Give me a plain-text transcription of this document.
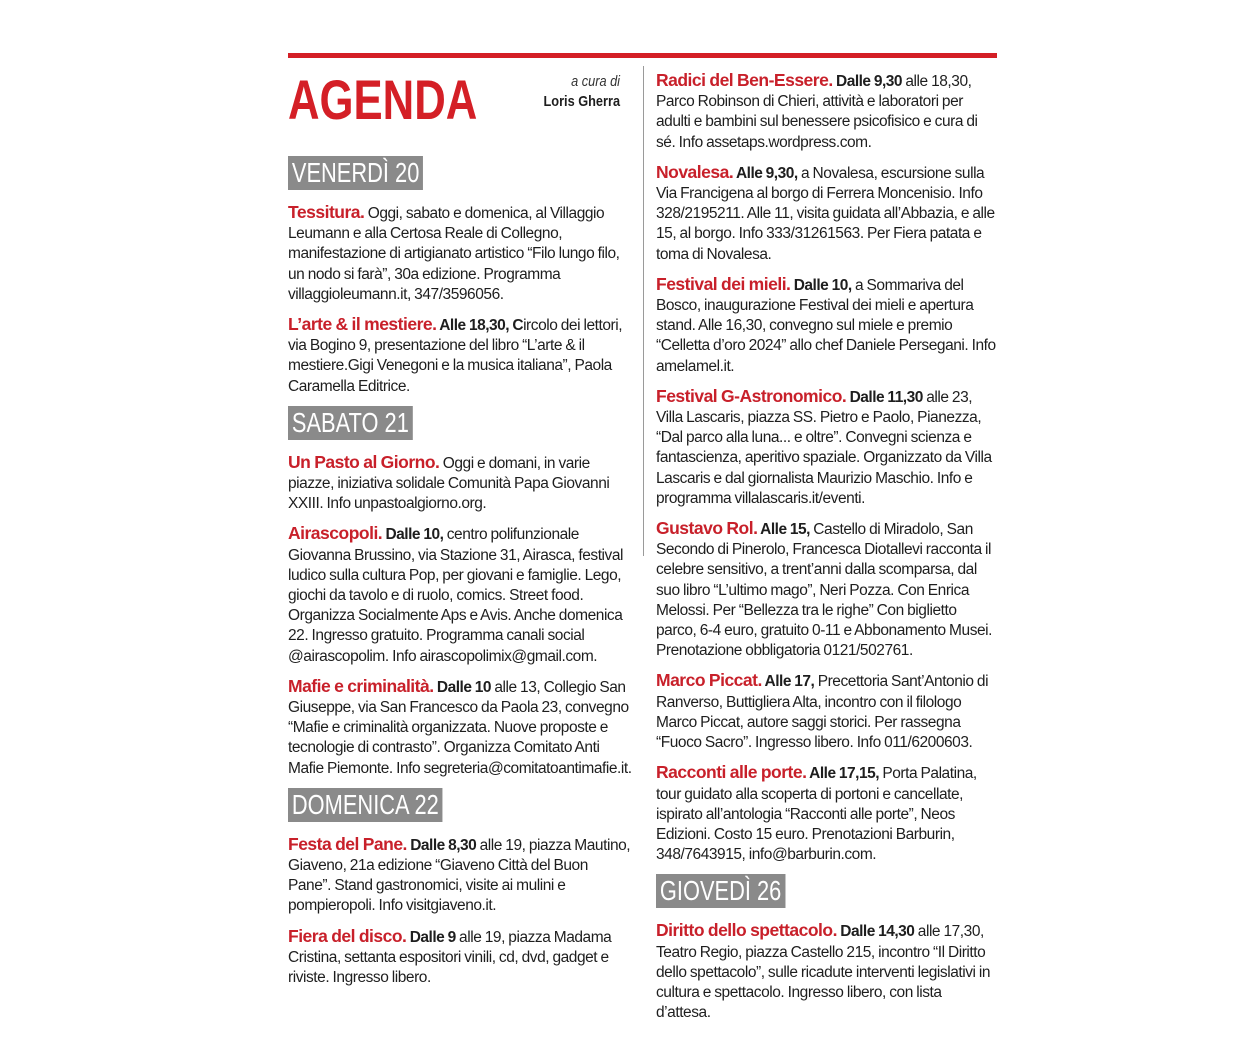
AGENDA	a cura di
Loris Gherra
VENERDÌ 20

Tessitura. Oggi, sabato e domenica, al Villaggio Leumann e alla Certosa Reale di Collegno, manifestazione di artigianato artistico “Filo lungo filo, un nodo si farà”, 30a edizione. Programma villaggioleumann.it, 347/3596056.

L’arte & il mestiere. Alle 18,30, Circolo dei lettori, via Bogino 9, presentazione del libro “L’arte & il mestiere.Gigi Venegoni e la musica italiana”, Paola Caramella Editrice.

SABATO 21

Un Pasto al Giorno. Oggi e domani, in varie piazze, iniziativa solidale Comunità Papa Giovanni XXIII. Info unpastoalgiorno.org.

Airascopoli. Dalle 10, centro polifunzionale Giovanna Brussino, via Stazione 31, Airasca, festival ludico sulla cultura Pop, per giovani e famiglie. Lego, giochi da tavolo e di ruolo, comics. Street food. Organizza Socialmente Aps e Avis. Anche domenica 22. Ingresso gratuito. Programma canali social @airascopolim. Info airascopolimix@gmail.com.

Mafie e criminalità. Dalle 10 alle 13, Collegio San Giuseppe, via San Francesco da Paola 23, convegno “Mafie e criminalità organizzata. Nuove proposte e tecnologie di contrasto”. Organizza Comitato Anti Mafie Piemonte. Info segreteria@comitatoantimafie.it.

DOMENICA 22

Festa del Pane. Dalle 8,30 alle 19, piazza Mautino, Giaveno, 21a edizione “Giaveno Città del Buon Pane”. Stand gastronomici, visite ai mulini e pompieropoli. Info visitgiaveno.it.

Fiera del disco. Dalle 9 alle 19, piazza Madama Cristina, settanta espositori vinili, cd, dvd, gadget e riviste. Ingresso libero.

Radici del Ben-Essere. Dalle 9,30 alle 18,30, Parco Robinson di Chieri, attività e laboratori per adulti e bambini sul benessere psicofisico e cura di sé. Info assetaps.wordpress.com.

Novalesa. Alle 9,30, a Novalesa, escursione sulla Via Francigena al borgo di Ferrera Moncenisio. Info 328/2195211. Alle 11, visita guidata all’Abbazia, e alle 15, al borgo. Info 333/31261563. Per Fiera patata e toma di Novalesa.

Festival dei mieli. Dalle 10, a Sommariva del Bosco, inaugurazione Festival dei mieli e apertura stand. Alle 16,30, convegno sul miele e premio “Celletta d’oro 2024” allo chef Daniele Persegani. Info amelamel.it.

Festival G-Astronomico. Dalle 11,30 alle 23, Villa Lascaris, piazza SS. Pietro e Paolo, Pianezza, “Dal parco alla luna... e oltre”. Convegni scienza e fantascienza, aperitivo spaziale. Organizzato da Villa Lascaris e dal giornalista Maurizio Maschio. Info e programma villalascaris.it/eventi.

Gustavo Rol. Alle 15, Castello di Miradolo, San Secondo di Pinerolo, Francesca Diotallevi racconta il celebre sensitivo, a trent’anni dalla scomparsa, dal suo libro “L’ultimo mago”, Neri Pozza. Con Enrica Melossi. Per “Bellezza tra le righe” Con biglietto parco, 6-4 euro, gratuito 0-11 e Abbonamento Musei. Prenotazione obbligatoria 0121/502761.

Marco Piccat. Alle 17, Precettoria Sant’Antonio di Ranverso, Buttigliera Alta, incontro con il filologo Marco Piccat, autore saggi storici. Per rassegna “Fuoco Sacro”. Ingresso libero. Info 011/6200603.

Racconti alle porte. Alle 17,15, Porta Palatina, tour guidato alla scoperta di portoni e cancellate, ispirato all’antologia “Racconti alle porte”, Neos Edizioni. Costo 15 euro. Prenotazioni Barburin, 348/7643915, info@barburin.com.

GIOVEDÌ 26

Diritto dello spettacolo. Dalle 14,30 alle 17,30, Teatro Regio, piazza Castello 215, incontro “Il Diritto dello spettacolo”, sulle ricadute interventi legislativi in cultura e spettacolo. Ingresso libero, con lista d’attesa.
